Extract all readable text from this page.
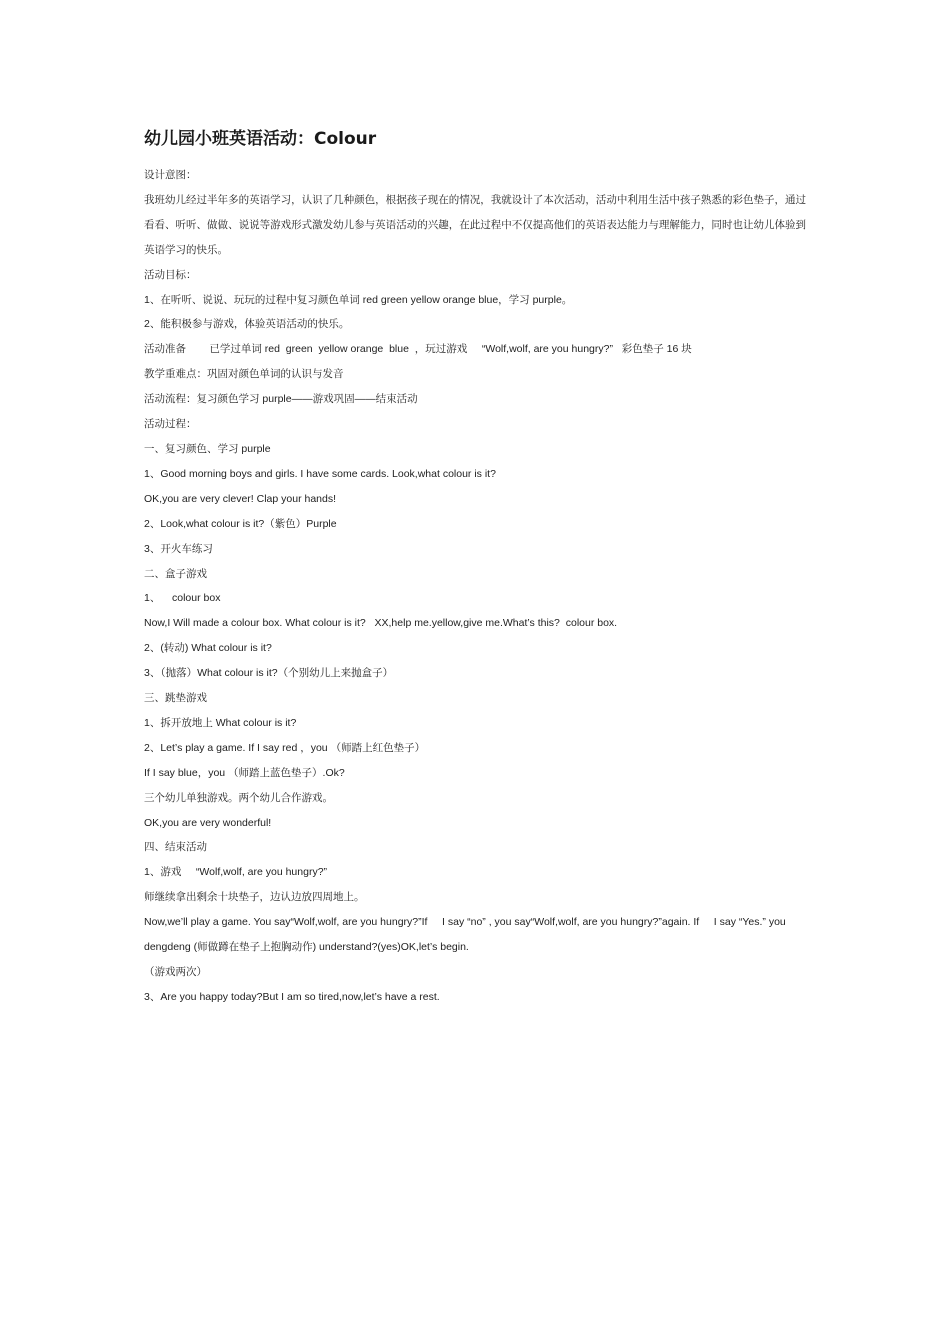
幼儿园小班英语活动：Colour
设计意图：
我班幼儿经过半年多的英语学习，认识了几种颜色，根据孩子现在的情况，我就设计了本次活动，活动中利用生活中孩子熟悉的彩色垫子，通过看看、听听、做做、说说等游戏形式激发幼儿参与英语活动的兴趣，在此过程中不仅提高他们的英语表达能力与理解能力，同时也让幼儿体验到英语学习的快乐。
活动目标：
1、在听听、说说、玩玩的过程中复习颜色单词 red green yellow orange blue，学习 purple。
2、能积极参与游戏，体验英语活动的快乐。
活动准备        已学过单词 red  green  yellow orange  blue  ，玩过游戏     “Wolf,wolf, are you hungry?”   彩色垫子 16 块
教学重难点：巩固对颜色单词的认识与发音
活动流程：复习颜色学习 purple——游戏巩固——结束活动
活动过程：
一、复习颜色、学习 purple
1、Good morning boys and girls. I have some cards. Look,what colour is it?
OK,you are very clever! Clap your hands!
2、Look,what colour is it?（紫色）Purple
3、开火车练习
二、盒子游戏
1、    colour box
Now,I Will made a colour box. What colour is it?   XX,help me.yellow,give me.What’s this?  colour box.
2、(转动) What colour is it?
3、（抛落）What colour is it?（个别幼儿上来抛盒子）
三、跳垫游戏
1、拆开放地上 What colour is it?
2、Let’s play a game. If I say red ，you （师踏上红色垫子）
If I say blue，you （师踏上蓝色垫子）.Ok?
三个幼儿单独游戏。两个幼儿合作游戏。
OK,you are very wonderful!
四、结束活动
1、游戏     “Wolf,wolf, are you hungry?”
师继续拿出剩余十块垫子，边认边放四周地上。
Now,we’ll play a game. You say“Wolf,wolf, are you hungry?”If     I say “no” , you say“Wolf,wolf, are you hungry?”again. If     I say “Yes.” you dengdeng (师做蹲在垫子上抱胸动作) understand?(yes)OK,let’s begin.
（游戏两次）
3、Are you happy today?But I am so tired,now,let’s have a rest.
